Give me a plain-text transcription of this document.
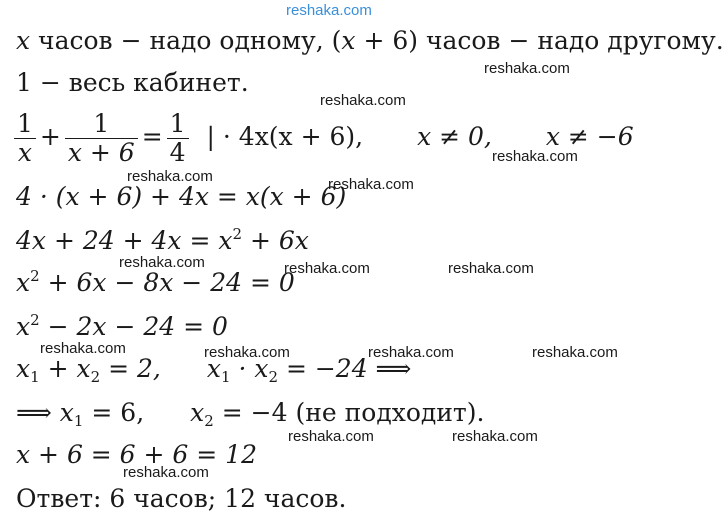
reshaka.com
x часов − надо одному, (x + 6) часов − надо другому.
1 − весь кабинет.
$\frac{1}{x} + \frac{1}{x + 6} = \frac{1}{4}$ | · 4x(x + 6), x ≠ 0, x ≠ −6
4 · (x + 6) + 4x = x(x + 6)
$4x + 24 + 4x = x^2 + 6x$
$x^2 + 6x - 8x - 24 = 0$
$x^2 - 2x - 24 = 0$
$x_1 + x_2 = 2$, $x_1 \cdot x_2 = -24$ ⟹
⟹ $x_1 = 6$, $x_2 = -4$ (не подходит).
x + 6 = 6 + 6 = 12
Ответ: 6 часов; 12 часов.
reshaka.com
reshaka.com
reshaka.com
reshaka.com	reshaka.com
reshaka.com	reshaka.com	reshaka.com
reshaka.com	reshaka.com	reshaka.com	reshaka.com
reshaka.com	reshaka.com
reshaka.com
